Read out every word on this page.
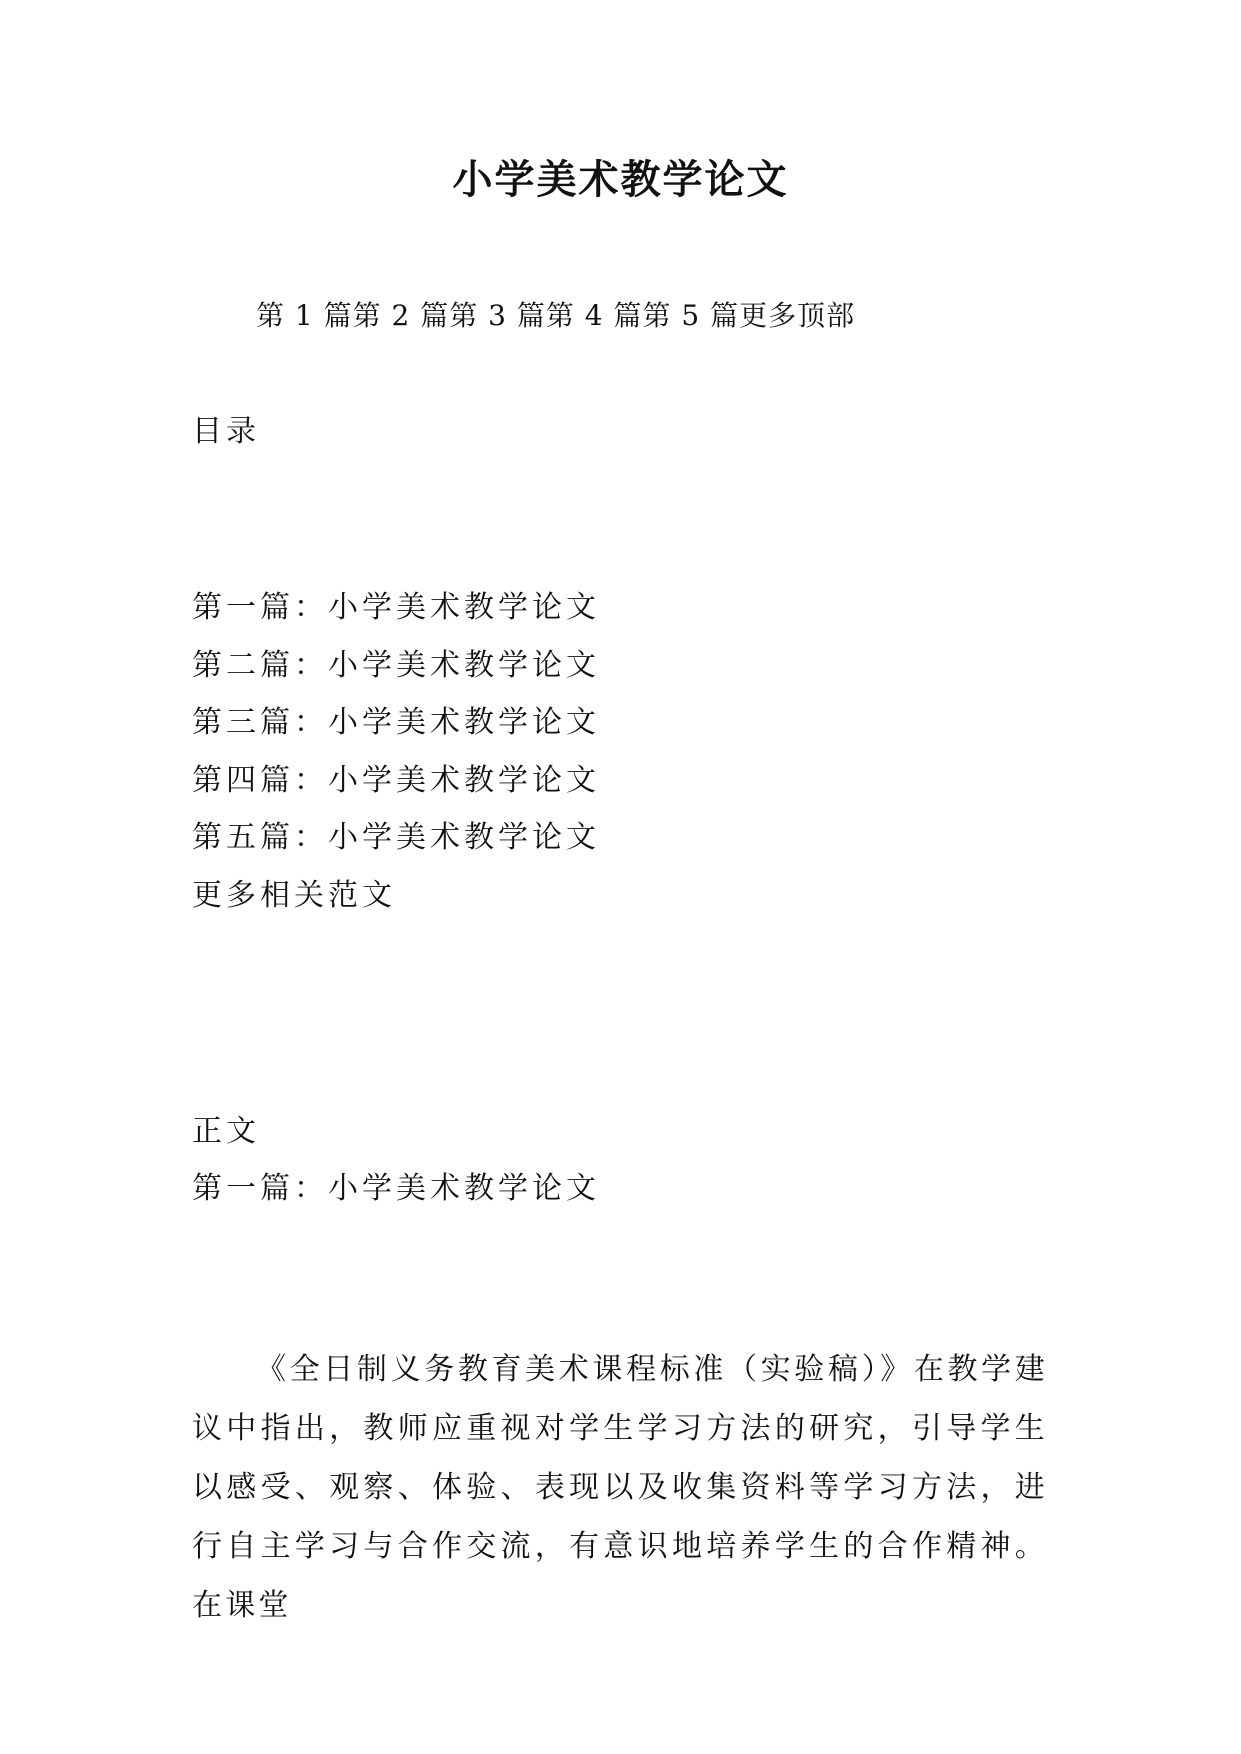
小学美术教学论文
第 1 篇第 2 篇第 3 篇第 4 篇第 5 篇更多顶部
目录
第一篇：小学美术教学论文
第二篇：小学美术教学论文
第三篇：小学美术教学论文
第四篇：小学美术教学论文
第五篇：小学美术教学论文
更多相关范文
正文
第一篇：小学美术教学论文

《全日制义务教育美术课程标准（实验稿）》在教学建议中指出，教师应重视对学生学习方法的研究，引导学生以感受、观察、体验、表现以及收集资料等学习方法，进行自主学习与合作交流，有意识地培养学生的合作精神。在课堂
